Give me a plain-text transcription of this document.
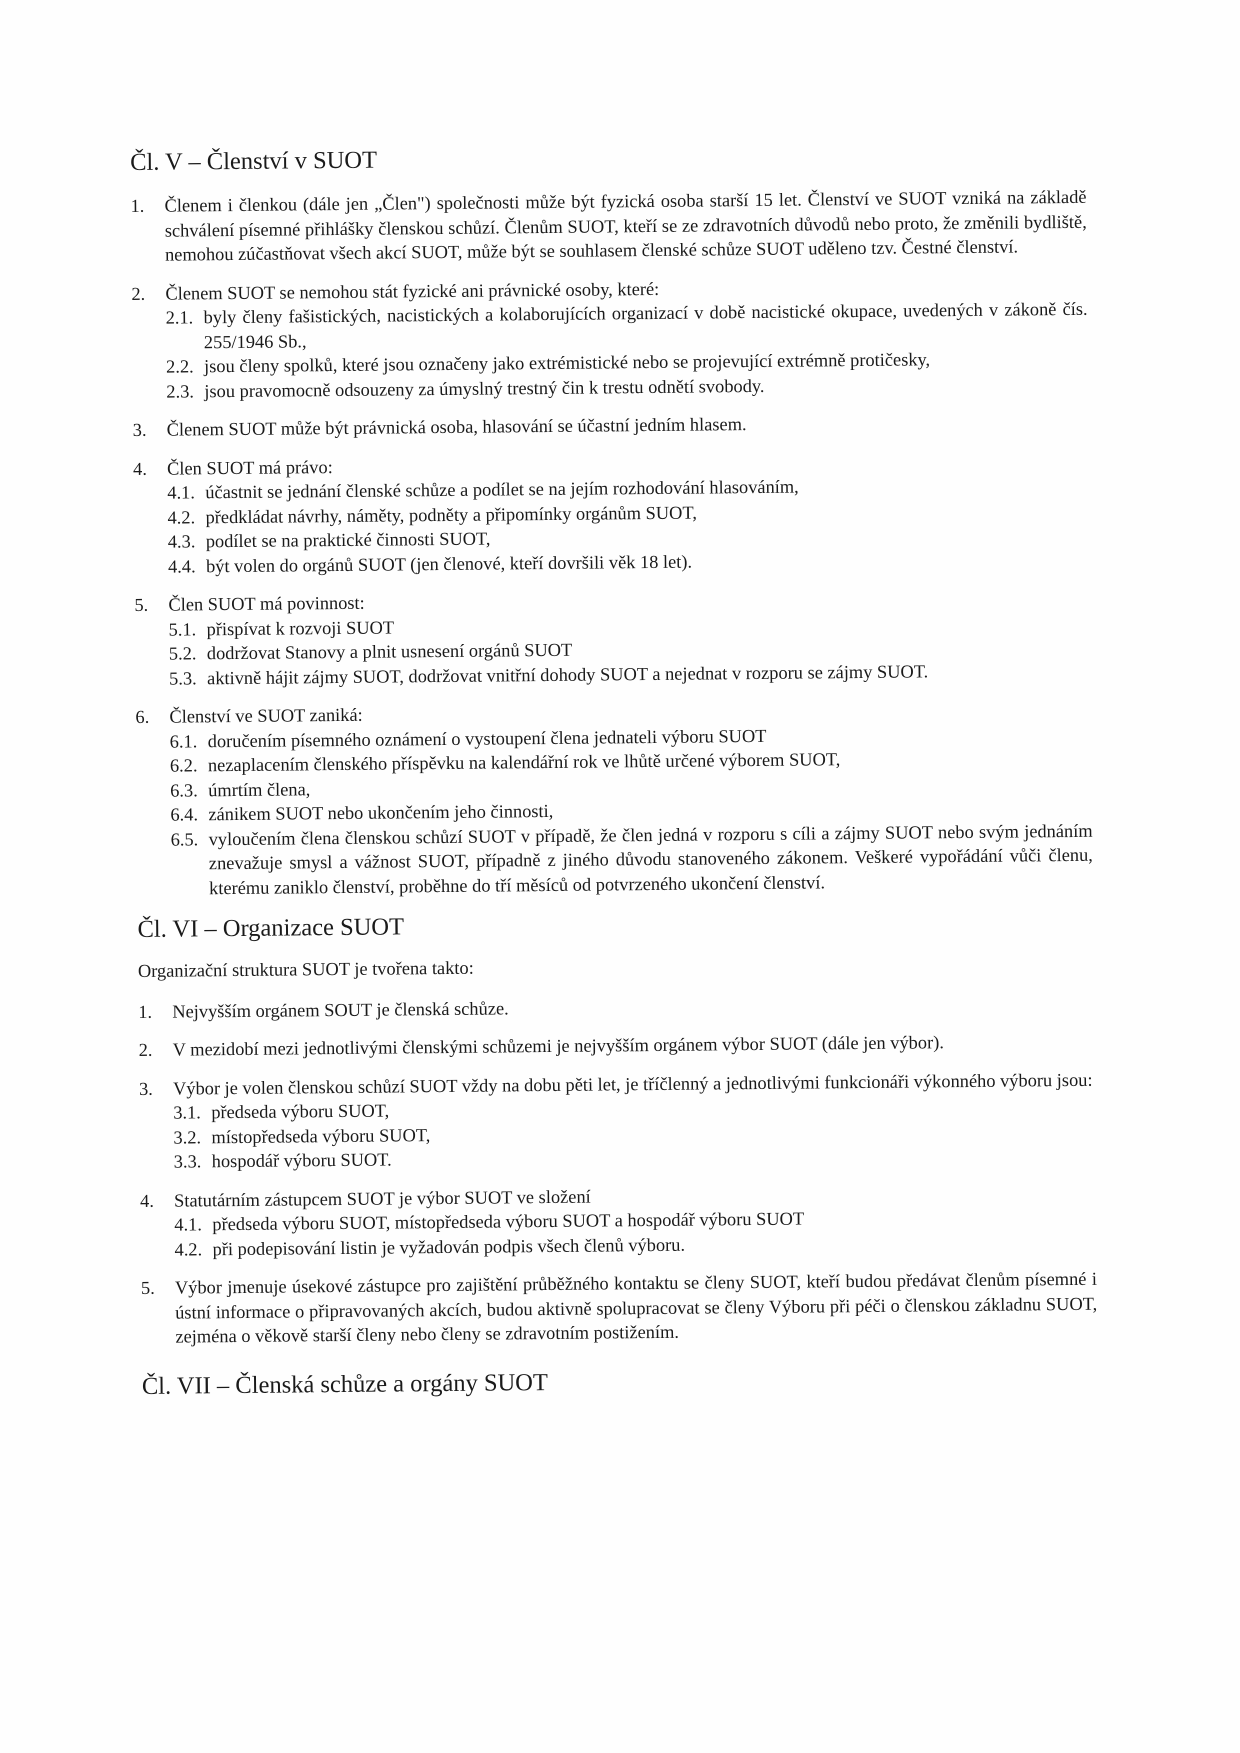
Čl. V – Členství v SUOT
1.	Členem i členkou (dále jen „Člen") společnosti může být fyzická osoba starší 15 let. Členství ve SUOT vzniká na základě schválení písemné přihlášky členskou schůzí. Členům SUOT, kteří se ze zdravotních důvodů nebo proto, že změnili bydliště, nemohou zúčastňovat všech akcí SUOT, může být se souhlasem členské schůze SUOT uděleno tzv. Čestné členství.

2.	Členem SUOT se nemohou stát fyzické ani právnické osoby, které:

2.1. byly členy fašistických, nacistických a kolaborujících organizací v době nacistické okupace, uvedených v zákoně čís. 255/1946 Sb.,
2.2. jsou členy spolků, které jsou označeny jako extrémistické nebo se projevující extrémně protičesky,
2.3. jsou pravomocně odsouzeny za úmyslný trestný čin k trestu odnětí svobody.
3.	Členem SUOT může být právnická osoba, hlasování se účastní jedním hlasem.

4.	Člen SUOT má právo:

4.1. účastnit se jednání členské schůze a podílet se na jejím rozhodování hlasováním,
4.2. předkládat návrhy, náměty, podněty a připomínky orgánům SUOT,
4.3. podílet se na praktické činnosti SUOT,
4.4. být volen do orgánů SUOT (jen členové, kteří dovršili věk 18 let).
5.	Člen SUOT má povinnost:

5.1. přispívat k rozvoji SUOT
5.2. dodržovat Stanovy a plnit usnesení orgánů SUOT
5.3. aktivně hájit zájmy SUOT, dodržovat vnitřní dohody SUOT a nejednat v rozporu se zájmy SUOT.
6.	Členství ve SUOT zaniká:

6.1. doručením písemného oznámení o vystoupení člena jednateli výboru SUOT
6.2. nezaplacením členského příspěvku na kalendářní rok ve lhůtě určené výborem SUOT,
6.3. úmrtím člena,
6.4. zánikem SUOT nebo ukončením jeho činnosti,
6.5. vyloučením člena členskou schůzí SUOT v případě, že člen jedná v rozporu s cíli a zájmy SUOT nebo svým jednáním znevažuje smysl a vážnost SUOT, případně z jiného důvodu stanoveného zákonem. Veškeré vypořádání vůči členu, kterému zaniklo členství, proběhne do tří měsíců od potvrzeného ukončení členství.
Čl. VI – Organizace SUOT

Organizační struktura SUOT je tvořena takto:

1.	Nejvyšším orgánem SOUT je členská schůze.

2.	V mezidobí mezi jednotlivými členskými schůzemi je nejvyšším orgánem výbor SUOT (dále jen výbor).

3.	Výbor je volen členskou schůzí SUOT vždy na dobu pěti let, je tříčlenný a jednotlivými funkcionáři výkonného výboru jsou:

3.1. předseda výboru SUOT,
3.2. místopředseda výboru SUOT,
3.3. hospodář výboru SUOT.
4.	Statutárním zástupcem SUOT je výbor SUOT ve složení

4.1. předseda výboru SUOT, místopředseda výboru SUOT a hospodář výboru SUOT
4.2. při podepisování listin je vyžadován podpis všech členů výboru.
5.	Výbor jmenuje úsekové zástupce pro zajištění průběžného kontaktu se členy SUOT, kteří budou předávat členům písemné i ústní informace o připravovaných akcích, budou aktivně spolupracovat se členy Výboru při péči o členskou základnu SUOT, zejména o věkově starší členy nebo členy se zdravotním postižením.

Čl. VII – Členská schůze a orgány SUOT
